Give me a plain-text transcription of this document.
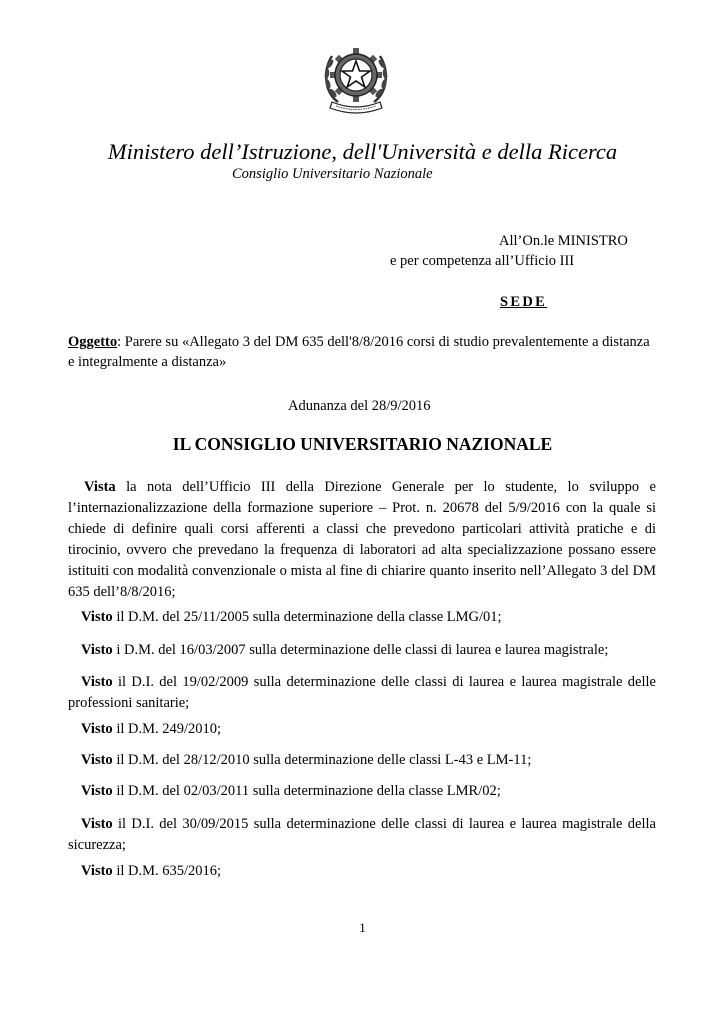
Ministero dell’Istruzione, dell'Università e della Ricerca
Consiglio Universitario Nazionale
All’On.le MINISTRO
e per competenza all’Ufficio III
SEDE
Oggetto: Parere su «Allegato 3 del DM 635 dell'8/8/2016 corsi di studio prevalentemente a distanza e integralmente a distanza»
Adunanza del 28/9/2016
IL CONSIGLIO UNIVERSITARIO NAZIONALE
Vista la nota dell’Ufficio III della Direzione Generale per lo studente, lo sviluppo e l’internazionalizzazione della formazione superiore – Prot. n. 20678 del 5/9/2016 con la quale si chiede di definire quali corsi afferenti a classi che prevedono particolari attività pratiche e di tirocinio, ovvero che prevedano la frequenza di laboratori ad alta specializzazione possano essere istituiti con modalità convenzionale o mista al fine di chiarire quanto inserito nell’Allegato 3 del DM 635 dell’8/8/2016;
Visto il D.M. del 25/11/2005 sulla determinazione della classe LMG/01;
Visto i D.M. del 16/03/2007 sulla determinazione delle classi di laurea e laurea magistrale;
Visto il D.I. del 19/02/2009 sulla determinazione delle classi di laurea e laurea magistrale delle professioni sanitarie;
Visto il D.M. 249/2010;
Visto il D.M. del 28/12/2010 sulla determinazione delle classi L-43 e LM-11;
Visto il D.M. del 02/03/2011 sulla determinazione della classe LMR/02;
Visto il D.I. del 30/09/2015 sulla determinazione delle classi di laurea e laurea magistrale della sicurezza;
Visto il D.M. 635/2016;
1
